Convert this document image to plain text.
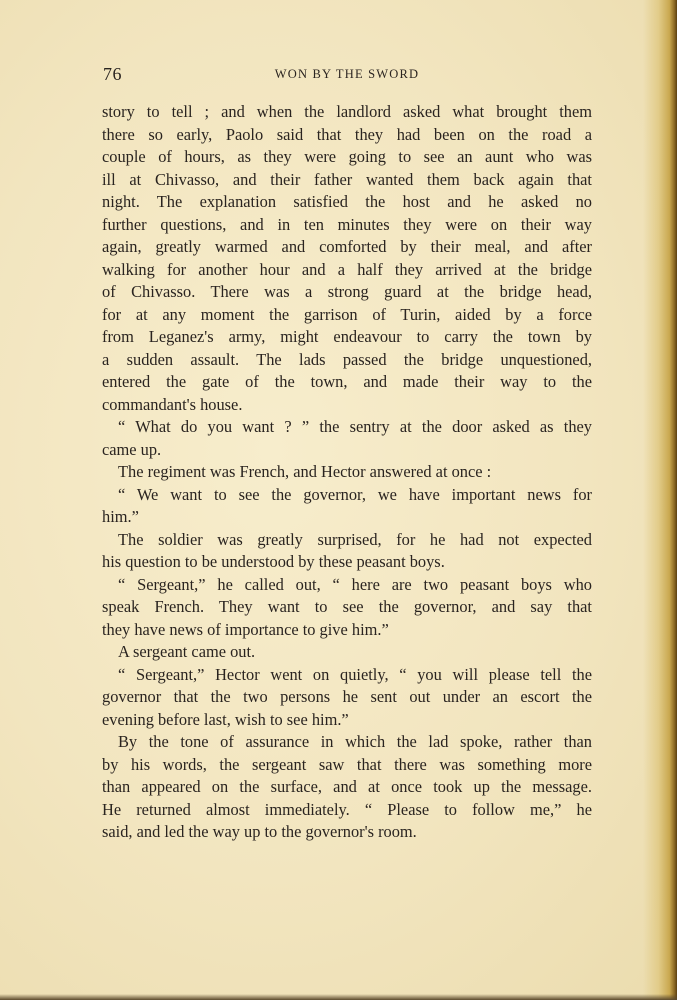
76	WON BY THE SWORD
story to tell ; and when the landlord asked what brought them
there so early, Paolo said that they had been on the road a
couple of hours, as they were going to see an aunt who was
ill at Chivasso, and their father wanted them back again that
night. The explanation satisfied the host and he asked no
further questions, and in ten minutes they were on their way
again, greatly warmed and comforted by their meal, and after
walking for another hour and a half they arrived at the bridge
of Chivasso. There was a strong guard at the bridge head,
for at any moment the garrison of Turin, aided by a force
from Leganez's army, might endeavour to carry the town by
a sudden assault. The lads passed the bridge unquestioned,
entered the gate of the town, and made their way to the
commandant's house.
“ What do you want ? ” the sentry at the door asked as they
came up.
The regiment was French, and Hector answered at once :
“ We want to see the governor, we have important news for
him.”
The soldier was greatly surprised, for he had not expected
his question to be understood by these peasant boys.
“ Sergeant,” he called out, “ here are two peasant boys who
speak French. They want to see the governor, and say that
they have news of importance to give him.”
A sergeant came out.
“ Sergeant,” Hector went on quietly, “ you will please tell the
governor that the two persons he sent out under an escort the
evening before last, wish to see him.”
By the tone of assurance in which the lad spoke, rather than
by his words, the sergeant saw that there was something more
than appeared on the surface, and at once took up the message.
He returned almost immediately. “ Please to follow me,” he
said, and led the way up to the governor's room.
